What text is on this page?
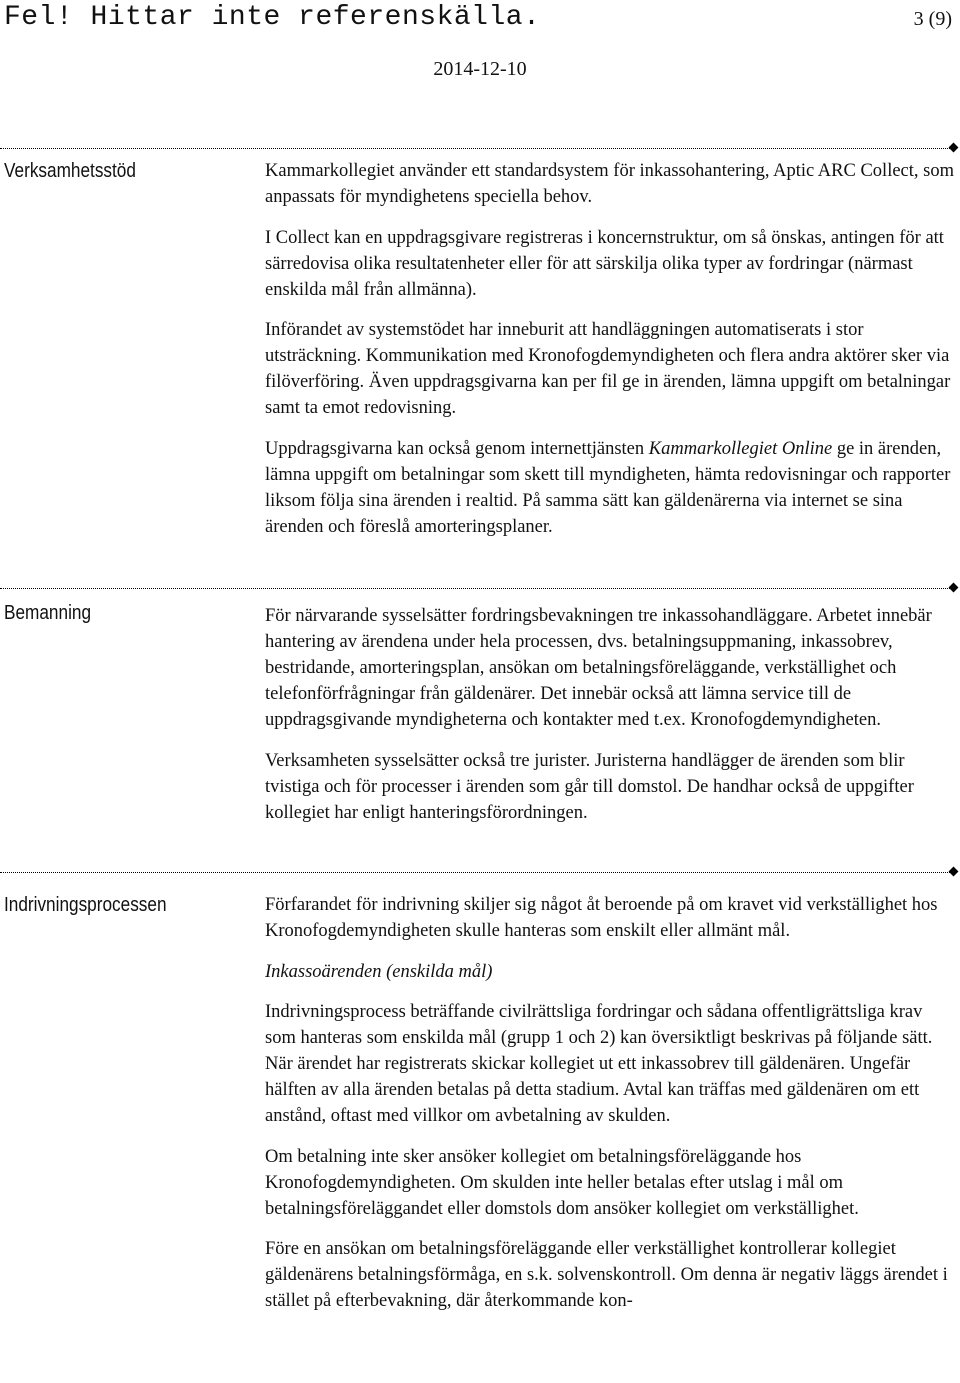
Fel! Hittar inte referenskälla.	3 (9)
2014-12-10
Verksamhetsstöd	Kammarkollegiet använder ett standardsystem för inkassohantering, Aptic ARC Collect, som anpassats för myndighetens speciella behov.

I Collect kan en uppdragsgivare registreras i koncernstruktur, om så önskas, antingen för att särredovisa olika resultatenheter eller för att särskilja olika typer av fordringar (närmast enskilda mål från allmänna).

Införandet av systemstödet har inneburit att handläggningen automatiserats i stor utsträckning. Kommunikation med Kronofogdemyndigheten och flera andra aktörer sker via filöverföring. Även uppdragsgivarna kan per fil ge in ärenden, lämna uppgift om betalningar samt ta emot redovisning.

Uppdragsgivarna kan också genom internettjänsten Kammarkollegiet Online ge in ärenden, lämna uppgift om betalningar som skett till myndigheten, hämta redovisningar och rapporter liksom följa sina ärenden i realtid. På samma sätt kan gäldenärerna via internet se sina ärenden och föreslå amorteringsplaner.

Bemanning	För närvarande sysselsätter fordringsbevakningen tre inkassohandläggare. Arbetet innebär hantering av ärendena under hela processen, dvs. betalningsuppmaning, inkassobrev, bestridande, amorteringsplan, ansökan om betalningsföreläggande, verkställighet och telefonförfrågningar från gäldenärer. Det innebär också att lämna service till de uppdragsgivande myndigheterna och kontakter med t.ex. Kronofogdemyndigheten.

Verksamheten sysselsätter också tre jurister. Juristerna handlägger de ärenden som blir tvistiga och för processer i ärenden som går till domstol. De handhar också de uppgifter kollegiet har enligt hanteringsförordningen.

Indrivningsprocessen	Förfarandet för indrivning skiljer sig något åt beroende på om kravet vid verkställighet hos Kronofogdemyndigheten skulle hanteras som enskilt eller allmänt mål.

Inkassoärenden (enskilda mål)

Indrivningsprocess beträffande civilrättsliga fordringar och sådana offentligrättsliga krav som hanteras som enskilda mål (grupp 1 och 2) kan översiktligt beskrivas på följande sätt. När ärendet har registrerats skickar kollegiet ut ett inkassobrev till gäldenären. Ungefär hälften av alla ärenden betalas på detta stadium. Avtal kan träffas med gäldenären om ett anstånd, oftast med villkor om avbetalning av skulden.

Om betalning inte sker ansöker kollegiet om betalningsföreläggande hos Kronofogdemyndigheten. Om skulden inte heller betalas efter utslag i mål om betalningsföreläggandet eller domstols dom ansöker kollegiet om verkställighet.

Före en ansökan om betalningsföreläggande eller verkställighet kontrollerar kollegiet gäldenärens betalningsförmåga, en s.k. solvenskontroll. Om denna är negativ läggs ärendet i stället på efterbevakning, där återkommande kon-
